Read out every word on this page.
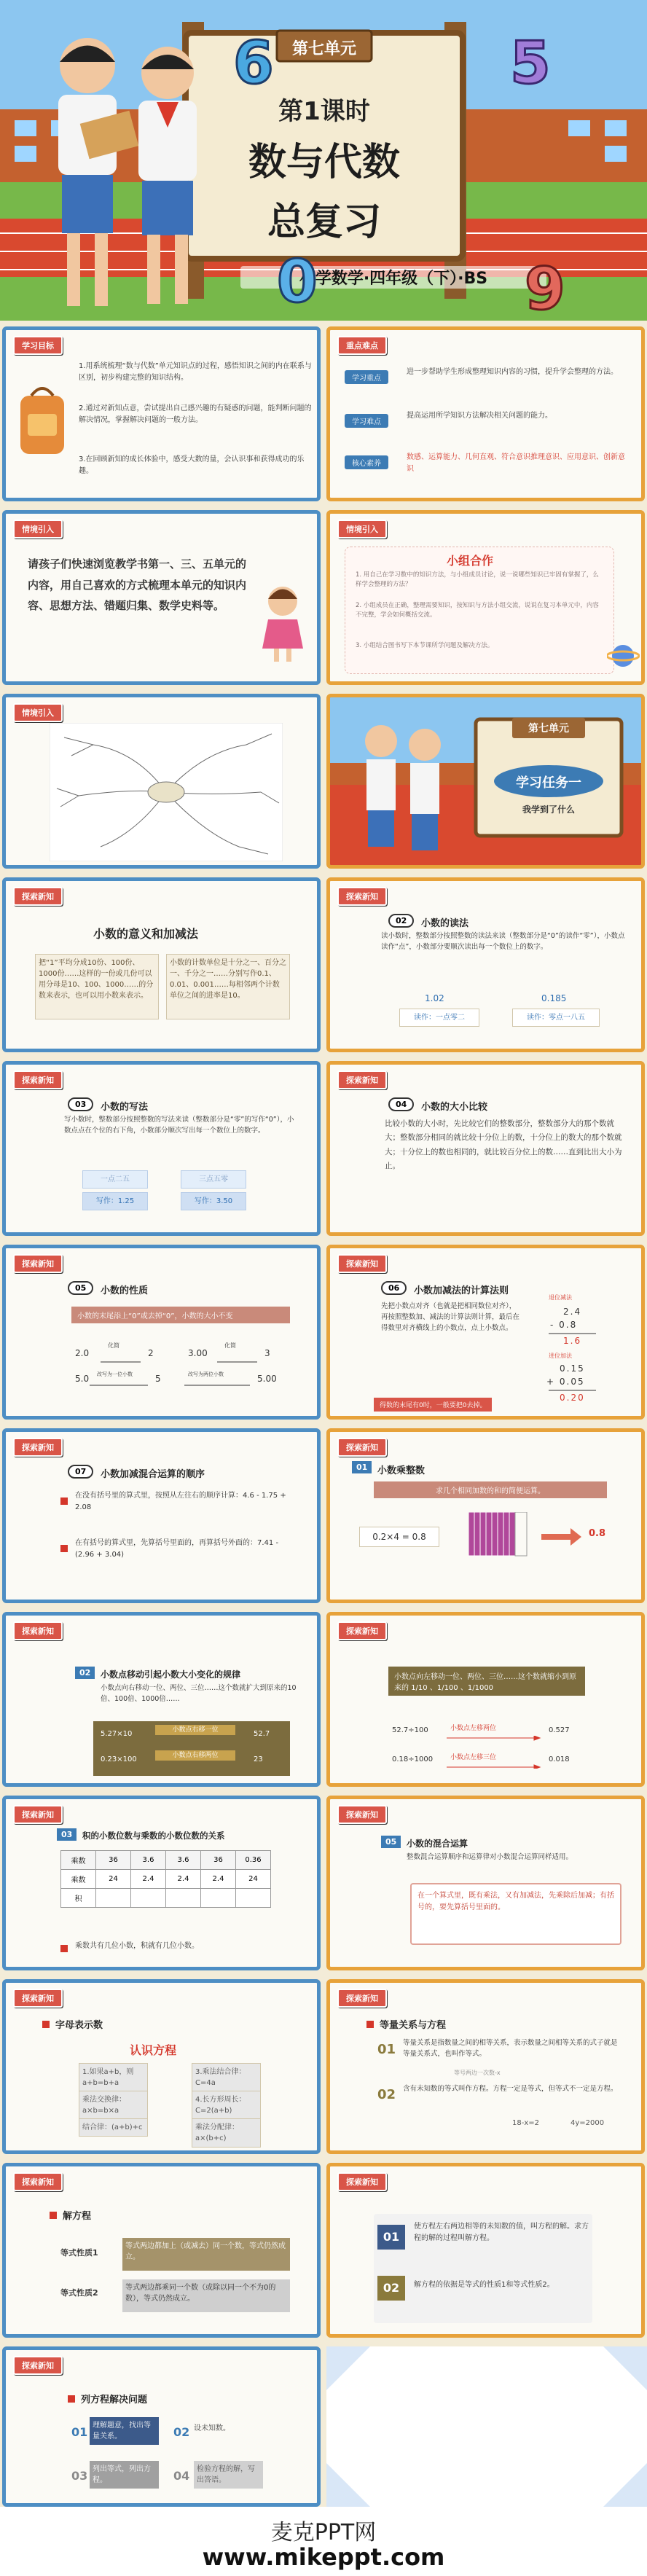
第七单元
第1课时
数与代数
总复习
小学数学·四年级（下）·BS
6	5
0	9
学习目标
1.用系统梳理“数与代数”单元知识点的过程，感悟知识之间的内在联系与区别，初步构建完整的知识结构。
2.通过对新知点意，尝试提出自己感兴趣的有疑惑的问题，能判断问题的解决情况，掌握解决问题的一般方法。
3.在回顾新知的成长体验中，感受大数的量，会认识事和获得成功的乐趣。
重点难点
学习重点
进一步帮助学生形成整理知识内容的习惯，提升学会整理的方法。
学习难点
提高运用所学知识方法解决相关问题的能力。
核心素养
数感、运算能力、几何直观、符合意识推理意识、应用意识、创新意识
情境引入
请孩子们快速浏览教学书第一、三、五单元的内容，用自己喜欢的方式梳理本单元的知识内容、思想方法、错题归集、数学史料等。
情境引入
小组合作
1. 用自己在学习数中的知识方法，与小组成员讨论，说一说哪些知识已牢固有掌握了，么样学会整理的方法？
2. 小组成员在正确，整理需要知识，按知识与方法小组交流，说说在复习本单元中，内容不完整，学会如何概括交流。
3. 小组结合图书写下本节课所学问题及解决方法。
情境引入
第七单元
学习任务一
我学到了什么
探索新知
小数的意义和加减法
把“1”平均分成10份、100份、1000份……这样的一份或几份可以用分母是10、100、1000……的分数来表示，也可以用小数来表示。
小数的计数单位是十分之一、百分之一、千分之一……分别写作0.1、0.01、0.001……每相邻两个计数单位之间的进率是10。
探索新知
02	小数的读法
读小数时，整数部分按照整数的读法来读（整数部分是“0”的读作“零”），小数点读作“点”，小数部分要顺次读出每一个数位上的数字。
1.02	0.185
读作：一点零二	读作：零点一八五
探索新知
03	小数的写法
写小数时，整数部分按照整数的写法来读（整数部分是“零”的写作“0”），小数点点在个位的右下角，小数部分顺次写出每一个数位上的数字。
一点二五	三点五零
写作：1.25	写作：3.50
探索新知
04	小数的大小比较
比较小数的大小时，先比较它们的整数部分，整数部分大的那个数就大；整数部分相同的就比较十分位上的数，十分位上的数大的那个数就大；十分位上的数也相同的，就比较百分位上的数……直到比出大小为止。
探索新知
05	小数的性质
小数的末尾添上“0”或去掉“0”，小数的大小不变
2.0
化简
2	3.00
化简
3
5.0 改写为一位小数	5	改写为两位小数	5.00
探索新知
06	小数加减法的计算法则
先把小数点对齐（也就是把相同数位对齐），再按照整数加、减法的计算法则计算，最后在得数里对齐横线上的小数点，点上小数点。
退位减法
2.4
- 0.8
1.6
进位加法
0.15
+ 0.05
0.20
得数的末尾有0时，一般要把0去掉。
探索新知
07	小数加减混合运算的顺序
在没有括号里的算式里，按照从左往右的顺序计算：4.6 - 1.75 + 2.08
在有括号的算式里，先算括号里面的，再算括号外面的：7.41 - (2.96 + 3.04)
探索新知
01	小数乘整数
求几个相同加数的和的简便运算。
0.2×4 = 0.8	0.8
探索新知
02	小数点移动引起小数大小变化的规律
小数点向右移动一位、两位、三位……这个数就扩大到原来的10倍、100倍、1000倍……
5.27×10	小数点右移一位	52.7
0.23×100	小数点右移两位	23
探索新知
小数点向左移动一位、两位、三位……这个数就缩小到原来的 1/10 、1/100 、1/1000
52.7÷100	小数点左移两位	0.527
0.18÷1000	小数点左移三位	0.018
探索新知
03	积的小数位数与乘数的小数位数的关系
乘数	36	3.6	3.6	36	0.36
乘数	24	2.4	2.4	2.4	24
积					
乘数共有几位小数，积就有几位小数。
探索新知
05	小数的混合运算
整数混合运算顺序和运算律对小数混合运算同样适用。
在一个算式里，既有乘法，又有加减法，先乘除后加减；有括号的，要先算括号里面的。
探索新知
字母表示数
认识方程
1.如果a+b，则a+b=b+a
乘法交换律：a×b=b×a
结合律：(a+b)+c
3.乘法结合律：C=4a
4.长方形周长：C=2(a+b)
乘法分配律：a×(b+c)
探索新知
等量关系与方程
01 等量关系是指数量之间的相等关系，表示数量之间相等关系的式子就是等量关系式，也叫作等式。
02 含有未知数的等式叫作方程。方程一定是等式，但等式不一定是方程。
等号两边一次数-x
18-x=2	4y=2000
探索新知
解方程
等式性质1
等式两边都加上（或减去）同一个数，等式仍然成立。
等式性质2
等式两边都乘同一个数（或除以同一个不为0的数），等式仍然成立。
探索新知
01
使方程左右两边相等的未知数的值，叫方程的解。求方程的解的过程叫解方程。
02	解方程的依据是等式的性质1和等式性质2。
探索新知
列方程解决问题
01 理解题意，找出等量关系。	02 设未知数。
03 列出等式，列出方程。	04 检验方程的解，写出答语。
麦克PPT网
www.mikeppt.com
